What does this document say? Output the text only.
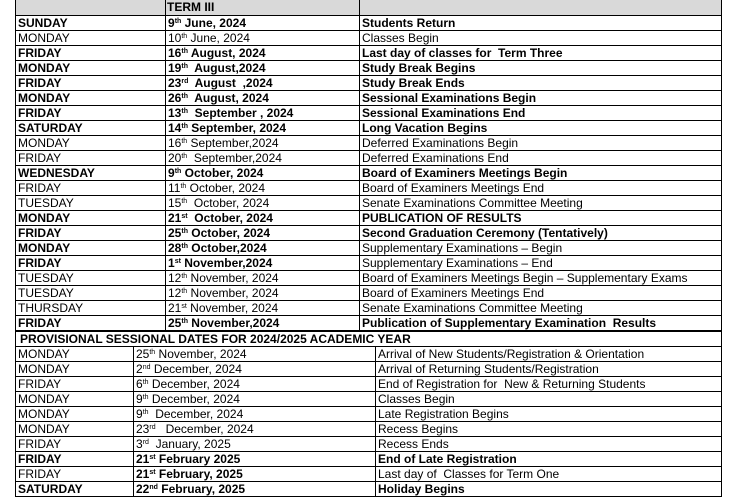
	TERM III	
SUNDAY	9th June, 2024	Students Return
MONDAY	10th June, 2024	Classes Begin
FRIDAY	16th August, 2024	Last day of classes for  Term Three
MONDAY	19th  August,2024	Study Break Begins
FRIDAY	23rd  August  ,2024	Study Break Ends
MONDAY	26th  August, 2024	Sessional Examinations Begin
FRIDAY	13th  September , 2024	Sessional Examinations End
SATURDAY	14th September, 2024	Long Vacation Begins
MONDAY	16th September,2024	Deferred Examinations Begin
FRIDAY	20th  September,2024	Deferred Examinations End
WEDNESDAY	9th October, 2024	Board of Examiners Meetings Begin
FRIDAY	11th October, 2024	Board of Examiners Meetings End
TUESDAY	15th  October, 2024	Senate Examinations Committee Meeting
MONDAY	21st  October, 2024	PUBLICATION OF RESULTS
FRIDAY	25th October, 2024	Second Graduation Ceremony (Tentatively)
MONDAY	28th October,2024	Supplementary Examinations – Begin
FRIDAY	1st November,2024	Supplementary Examinations – End
TUESDAY	12th November, 2024	Board of Examiners Meetings Begin – Supplementary Exams
TUESDAY	12th November, 2024	Board of Examiners Meetings End
THURSDAY	21st November, 2024	Senate Examinations Committee Meeting
FRIDAY	25th November,2024	Publication of Supplementary Examination  Results
PROVISIONAL SESSIONAL DATES FOR 2024/2025 ACADEMIC YEAR		
MONDAY	25th November, 2024	Arrival of New Students/Registration & Orientation
MONDAY	2nd December, 2024	Arrival of Returning Students/Registration
FRIDAY	6th December, 2024	End of Registration for  New & Returning Students
MONDAY	9th December, 2024	Classes Begin
MONDAY	9th  December, 2024	Late Registration Begins
MONDAY	23rd   December, 2024	Recess Begins
FRIDAY	3rd  January, 2025	Recess Ends
FRIDAY	21st February 2025	End of Late Registration
FRIDAY	21st February, 2025	Last day of  Classes for Term One
SATURDAY	22nd February, 2025	Holiday Begins
